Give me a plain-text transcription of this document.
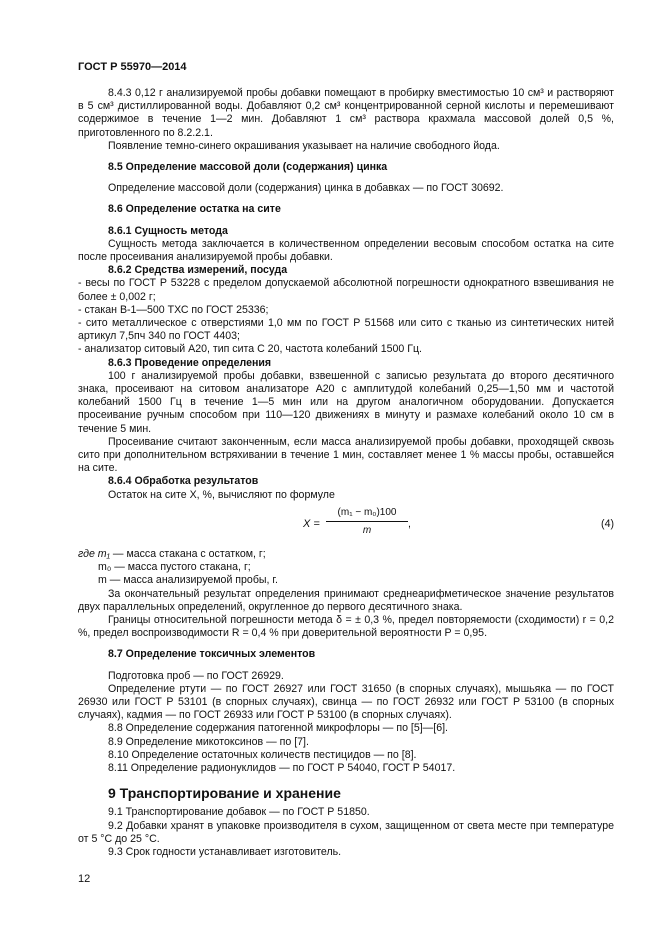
ГОСТ Р 55970—2014

8.4.3 0,12 г анализируемой пробы добавки помещают в пробирку вместимостью 10 см³ и растворяют в 5 см³ дистиллированной воды. Добавляют 0,2 см³ концентрированной серной кислоты и перемешивают содержимое в течение 1—2 мин. Добавляют 1 см³ раствора крахмала массовой долей 0,5 %, приготовленного по 8.2.2.1.

Появление темно-синего окрашивания указывает на наличие свободного йода.

8.5 Определение массовой доли (содержания) цинка

Определение массовой доли (содержания) цинка в добавках — по ГОСТ 30692.

8.6 Определение остатка на сите

8.6.1 Сущность метода

Сущность метода заключается в количественном определении весовым способом остатка на сите после просеивания анализируемой пробы добавки.

8.6.2 Средства измерений, посуда

- весы по ГОСТ Р 53228 с пределом допускаемой абсолютной погрешности однократного взвешивания не более ± 0,002 г;

- стакан В-1—500 ТХС по ГОСТ 25336;

- сито металлическое с отверстиями 1,0 мм по ГОСТ Р 51568 или сито с тканью из синтетических нитей артикул 7,5пч 340 по ГОСТ 4403;

- анализатор ситовый А20, тип сита С 20, частота колебаний 1500 Гц.

8.6.3 Проведение определения

100 г анализируемой пробы добавки, взвешенной с записью результата до второго десятичного знака, просеивают на ситовом анализаторе А20 с амплитудой колебаний 0,25—1,50 мм и частотой колебаний 1500 Гц в течение 1—5 мин или на другом аналогичном оборудовании. Допускается просеивание ручным способом при 110—120 движениях в минуту и размахе колебаний около 10 см в течение 5 мин.

Просеивание считают законченным, если масса анализируемой пробы добавки, проходящей сквозь сито при дополнительном встряхивании в течение 1 мин, составляет менее 1 % массы пробы, оставшейся на сите.

8.6.4 Обработка результатов

Остаток на сите X, %, вычисляют по формуле

$X = \frac{\text{(m₁ − m₀)100}}{m}$ ,	(4)

где m₁ — масса стакана с остатком, г;

m₀ — масса пустого стакана, г;

m — масса анализируемой пробы, г.

За окончательный результат определения принимают среднеарифметическое значение результатов двух параллельных определений, округленное до первого десятичного знака.

Границы относительной погрешности метода δ = ± 0,3 %, предел повторяемости (сходимости) r = 0,2 %, предел воспроизводимости R = 0,4 % при доверительной вероятности P = 0,95.

8.7 Определение токсичных элементов

Подготовка проб — по ГОСТ 26929.

Определение ртути — по ГОСТ 26927 или ГОСТ 31650 (в спорных случаях), мышьяка — по ГОСТ 26930 или ГОСТ Р 53101 (в спорных случаях), свинца — по ГОСТ 26932 или ГОСТ Р 53100 (в спорных случаях), кадмия — по ГОСТ 26933 или ГОСТ Р 53100 (в спорных случаях).

8.8 Определение содержания патогенной микрофлоры — по [5]—[6].

8.9 Определение микотоксинов — по [7].

8.10 Определение остаточных количеств пестицидов — по [8].

8.11 Определение радионуклидов — по ГОСТ Р 54040, ГОСТ Р 54017.

9 Транспортирование и хранение

9.1 Транспортирование добавок — по ГОСТ Р 51850.

9.2 Добавки хранят в упаковке производителя в сухом, защищенном от света месте при температуре от 5 °С до 25 °С.

9.3 Срок годности устанавливает изготовитель.

12
